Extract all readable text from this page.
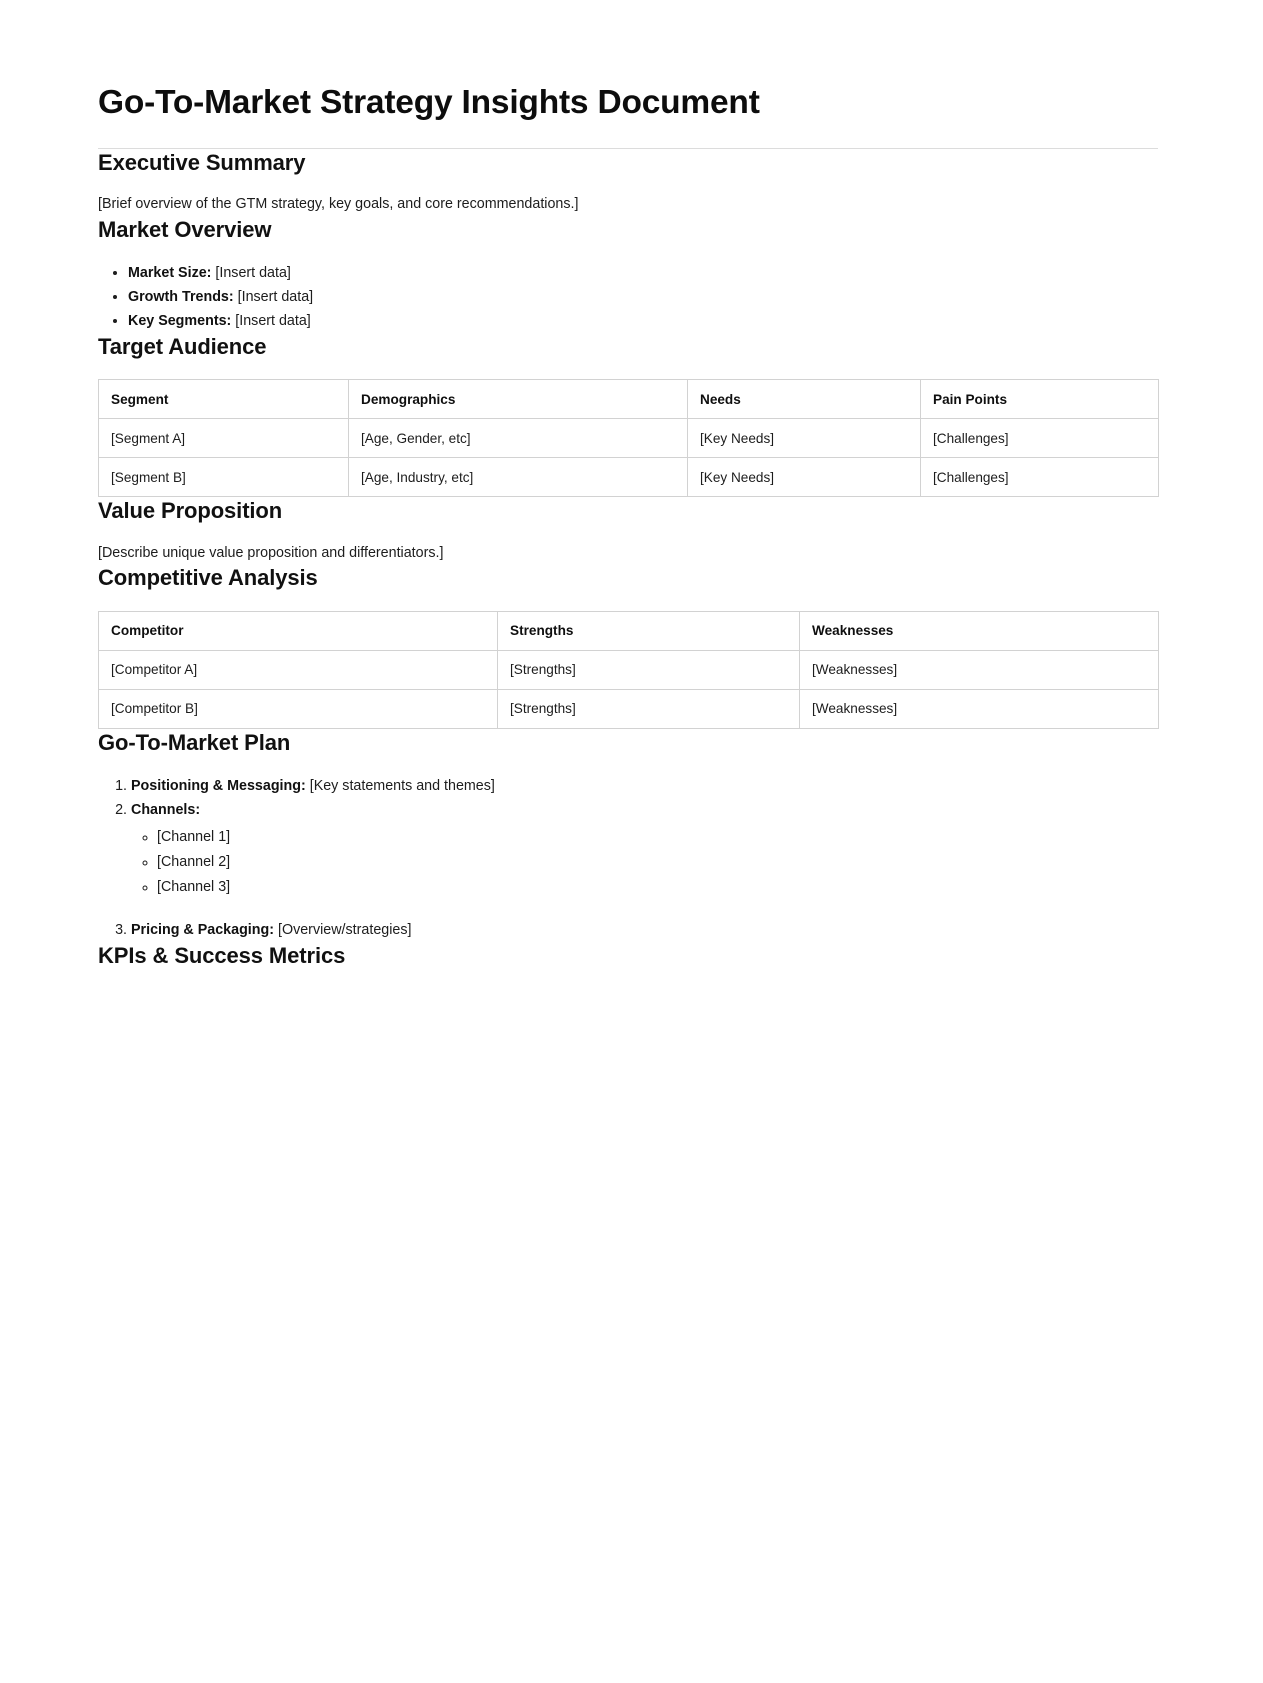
Go-To-Market Strategy Insights Document
Executive Summary

[Brief overview of the GTM strategy, key goals, and core recommendations.]

Market Overview
• Market Size: [Insert data]
• Growth Trends: [Insert data]
• Key Segments: [Insert data]
Target Audience
Segment	Demographics	Needs	Pain Points
[Segment A]	[Age, Gender, etc]	[Key Needs]	[Challenges]
[Segment B]	[Age, Industry, etc]	[Key Needs]	[Challenges]
Value Proposition

[Describe unique value proposition and differentiators.]

Competitive Analysis
Competitor	Strengths	Weaknesses
[Competitor A]	[Strengths]	[Weaknesses]
[Competitor B]	[Strengths]	[Weaknesses]
Go-To-Market Plan
1. Positioning & Messaging: [Key statements and themes]
2. Channels:
◦ [Channel 1]
◦ [Channel 2]
◦ [Channel 3]
3. Pricing & Packaging: [Overview/strategies]
KPIs & Success Metrics
